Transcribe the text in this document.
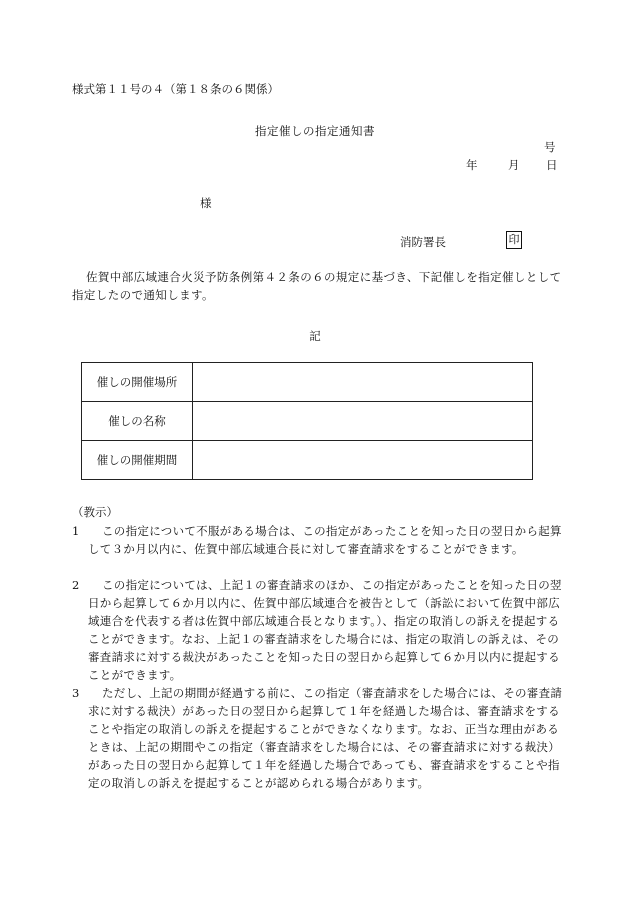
様式第１１号の４（第１８条の６関係）
指定催しの指定通知書
号
年	月 日
様
消防署長	印
佐賀中部広域連合火災予防条例第４２条の６の規定に基づき、下記催しを指定催しとして指定したので通知します。
記
催しの開催場所	
催しの名称	
催しの開催期間	
（教示）
1	この指定について不服がある場合は、この指定があったことを知った日の翌日から起算して３か月以内に、佐賀中部広域連合長に対して審査請求をすることができます。
2	この指定については、上記１の審査請求のほか、この指定があったことを知った日の翌日から起算して６か月以内に、佐賀中部広域連合を被告として（訴訟において佐賀中部広域連合を代表する者は佐賀中部広域連合長となります。）、指定の取消しの訴えを提起することができます。なお、上記１の審査請求をした場合には、指定の取消しの訴えは、その審査請求に対する裁決があったことを知った日の翌日から起算して６か月以内に提起することができます。
3	ただし、上記の期間が経過する前に、この指定（審査請求をした場合には、その審査請求に対する裁決）があった日の翌日から起算して１年を経過した場合は、審査請求をすることや指定の取消しの訴えを提起することができなくなります。なお、正当な理由があるときは、上記の期間やこの指定（審査請求をした場合には、その審査請求に対する裁決）があった日の翌日から起算して１年を経過した場合であっても、審査請求をすることや指定の取消しの訴えを提起することが認められる場合があります。
